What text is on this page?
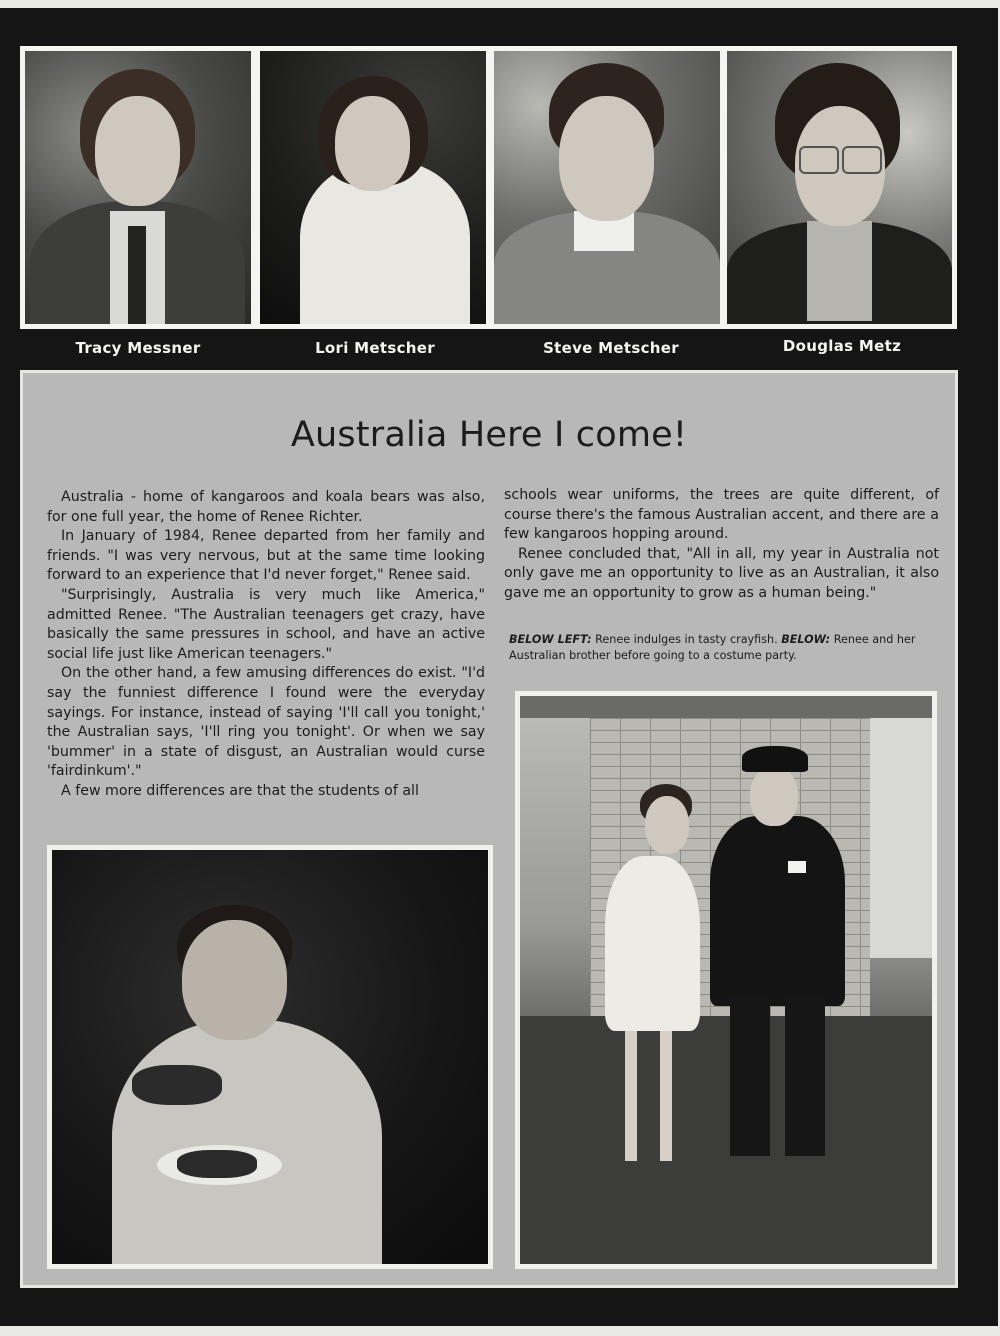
Tracy Messner	Lori Metscher	Steve Metscher	Douglas Metz
Australia Here I come!

Australia - home of kangaroos and koala bears was also, for one full year, the home of Renee Richter.

In January of 1984, Renee departed from her family and friends. "I was very nervous, but at the same time looking forward to an experience that I'd never forget," Renee said.

"Surprisingly, Australia is very much like America," admitted Renee. "The Australian teenagers get crazy, have basically the same pressures in school, and have an active social life just like American teenagers."

On the other hand, a few amusing differences do exist. "I'd say the funniest difference I found were the everyday sayings. For instance, instead of saying 'I'll call you tonight,' the Australian says, 'I'll ring you tonight'. Or when we say 'bummer' in a state of disgust, an Australian would curse 'fairdinkum'."

A few more differences are that the students of all

schools wear uniforms, the trees are quite different, of course there's the famous Australian accent, and there are a few kangaroos hopping around.

Renee concluded that, "All in all, my year in Australia not only gave me an opportunity to live as an Australian, it also gave me an opportunity to grow as a human being."

BELOW LEFT: Renee indulges in tasty crayfish. BELOW: Renee and her Australian brother before going to a costume party.
